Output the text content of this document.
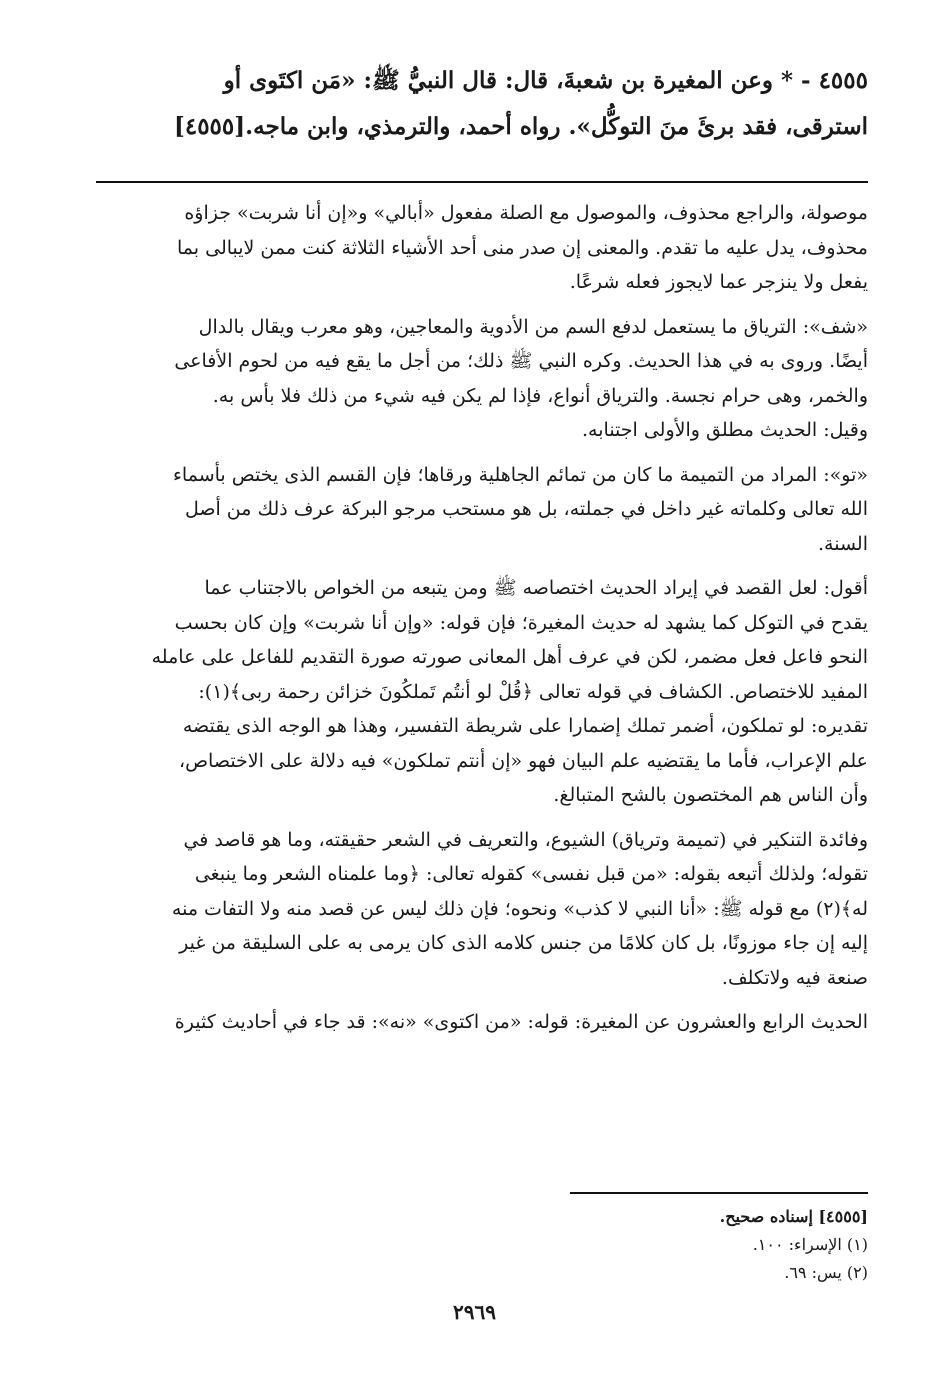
٤٥٥٥ - * وعن المغيرة بن شعبةَ، قال: قال النبيُّ ﷺ: «مَن اكتَوى أو
استرقى، فقد برئَ منَ التوكُّل». رواه أحمد، والترمذي، وابن ماجه.[٤٥٥٥]

موصولة، والراجع محذوف، والموصول مع الصلة مفعول «أبالي» و«إن أنا شربت» جزاؤه
محذوف، يدل عليه ما تقدم. والمعنى إن صدر منى أحد الأشياء الثلاثة كنت ممن لايبالى بما
يفعل ولا ينزجر عما لايجوز فعله شرعًا.

«شف»: الترياق ما يستعمل لدفع السم من الأدوية والمعاجين، وهو معرب ويقال بالدال
أيضًا. وروى به في هذا الحديث. وكره النبي ﷺ ذلك؛ من أجل ما يقع فيه من لحوم الأفاعى
والخمر، وهى حرام نجسة. والترياق أنواع، فإذا لم يكن فيه شيء من ذلك فلا بأس به.
وقيل: الحديث مطلق والأولى اجتنابه.

«تو»: المراد من التميمة ما كان من تمائم الجاهلية ورقاها؛ فإن القسم الذى يختص بأسماء
الله تعالى وكلماته غير داخل في جملته، بل هو مستحب مرجو البركة عرف ذلك من أصل
السنة.

أقول: لعل القصد في إيراد الحديث اختصاصه ﷺ ومن يتبعه من الخواص بالاجتناب عما
يقدح في التوكل كما يشهد له حديث المغيرة؛ فإن قوله: «وإن أنا شربت» وإن كان بحسب
النحو فاعل فعل مضمر، لكن في عرف أهل المعانى صورته صورة التقديم للفاعل على عامله
المفيد للاختصاص. الكشاف في قوله تعالى ﴿قُلْ لو أنتُم تَملكُونَ خزائن رحمة ربى﴾(١):
تقديره: لو تملكون، أضمر تملك إضمارا على شريطة التفسير، وهذا هو الوجه الذى يقتضه
علم الإعراب، فأما ما يقتضيه علم البيان فهو «إن أنتم تملكون» فيه دلالة على الاختصاص،
وأن الناس هم المختصون بالشح المتبالغ.

وفائدة التنكير في (تميمة وترياق) الشيوع، والتعريف في الشعر حقيقته، وما هو قاصد في
تقوله؛ ولذلك أتبعه بقوله: «من قبل نفسى» كقوله تعالى: ﴿وما علمناه الشعر وما ينبغى
له﴾(٢) مع قوله ﷺ: «أنا النبي لا كذب» ونحوه؛ فإن ذلك ليس عن قصد منه ولا التفات منه
إليه إن جاء موزونًا، بل كان كلامًا من جنس كلامه الذى كان يرمى به على السليقة من غير
صنعة فيه ولاتكلف.

الحديث الرابع والعشرون عن المغيرة: قوله: «من اكتوى» «نه»: قد جاء في أحاديث كثيرة

[٤٥٥٥] إسناده صحيح.
(١) الإسراء: ١٠٠.
(٢) يس: ٦٩.
٢٩٦٩
